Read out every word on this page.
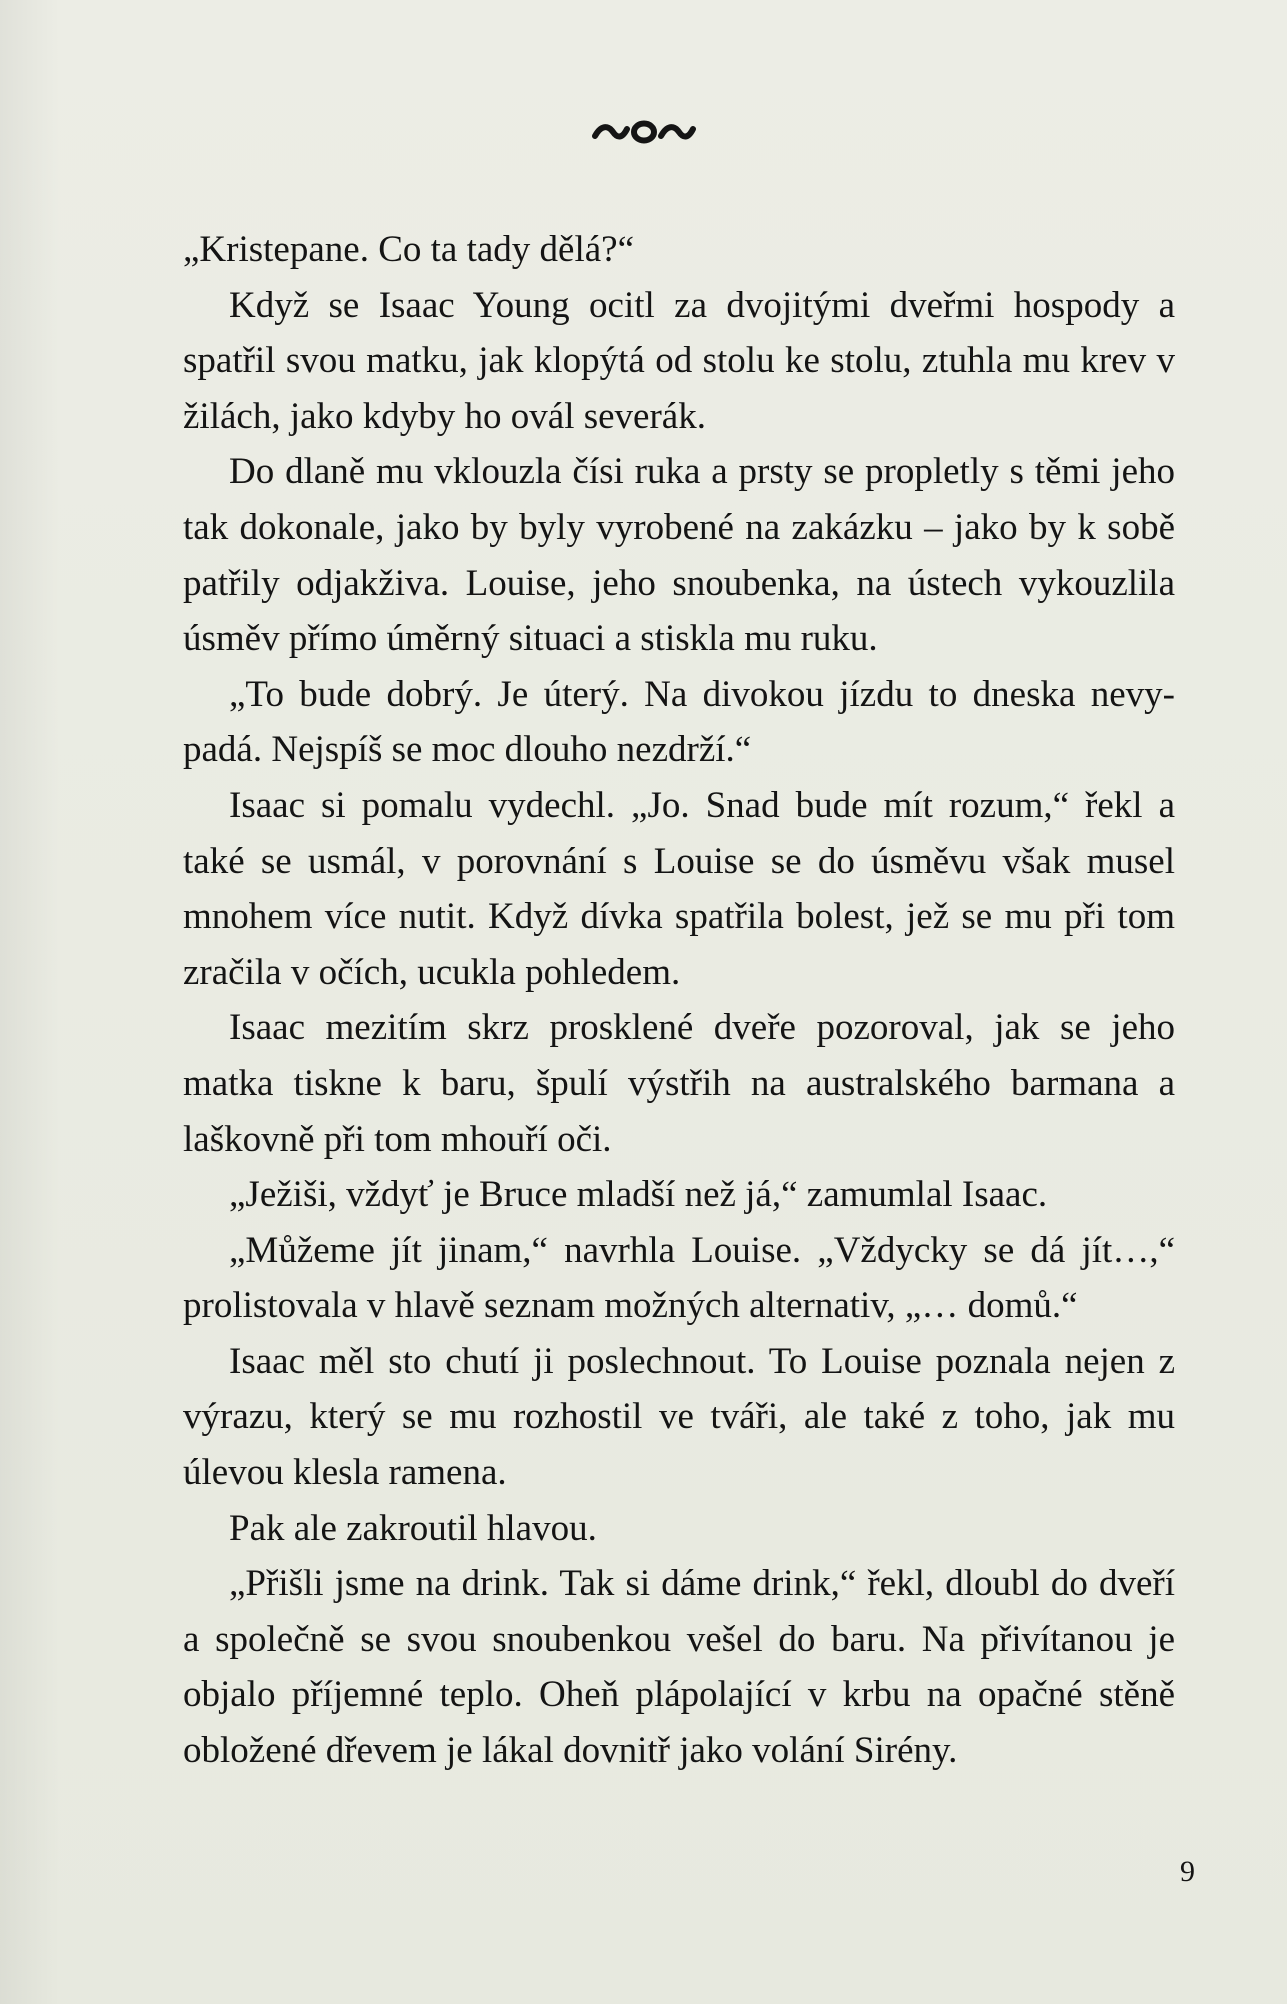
„Kristepane. Co ta tady dělá?“

Když se Isaac Young ocitl za dvojitými dveřmi hospody a spatřil svou matku, jak klopýtá od stolu ke stolu, ztuhla mu krev v žilách, jako kdyby ho ovál severák.

Do dlaně mu vklouzla čísi ruka a prsty se propletly s těmi jeho tak dokonale, jako by byly vyrobené na zakázku – jako by k sobě patřily odjakživa. Louise, jeho snoubenka, na ústech vykouzlila úsměv přímo úměrný situaci a stiskla mu ruku.

„To bude dobrý. Je úterý. Na divokou jízdu to dneska nevypadá. Nejspíš se moc dlouho nezdrží.“

Isaac si pomalu vydechl. „Jo. Snad bude mít rozum,“ řekl a také se usmál, v porovnání s Louise se do úsměvu však musel mnohem více nutit. Když dívka spatřila bolest, jež se mu při tom zračila v očích, ucukla pohledem.

Isaac mezitím skrz prosklené dveře pozoroval, jak se jeho matka tiskne k baru, špulí výstřih na australského barmana a laškovně při tom mhouří oči.

„Ježiši, vždyť je Bruce mladší než já,“ zamumlal Isaac.

„Můžeme jít jinam,“ navrhla Louise. „Vždycky se dá jít…,“ prolistovala v hlavě seznam možných alternativ, „… domů.“

Isaac měl sto chutí ji poslechnout. To Louise poznala nejen z výrazu, který se mu rozhostil ve tváři, ale také z toho, jak mu úlevou klesla ramena.

Pak ale zakroutil hlavou.

„Přišli jsme na drink. Tak si dáme drink,“ řekl, dloubl do dveří a společně se svou snoubenkou vešel do baru. Na přivítanou je objalo příjemné teplo. Oheň plápolající v krbu na opačné stěně obložené dřevem je lákal dovnitř jako volání Sirény.

9
